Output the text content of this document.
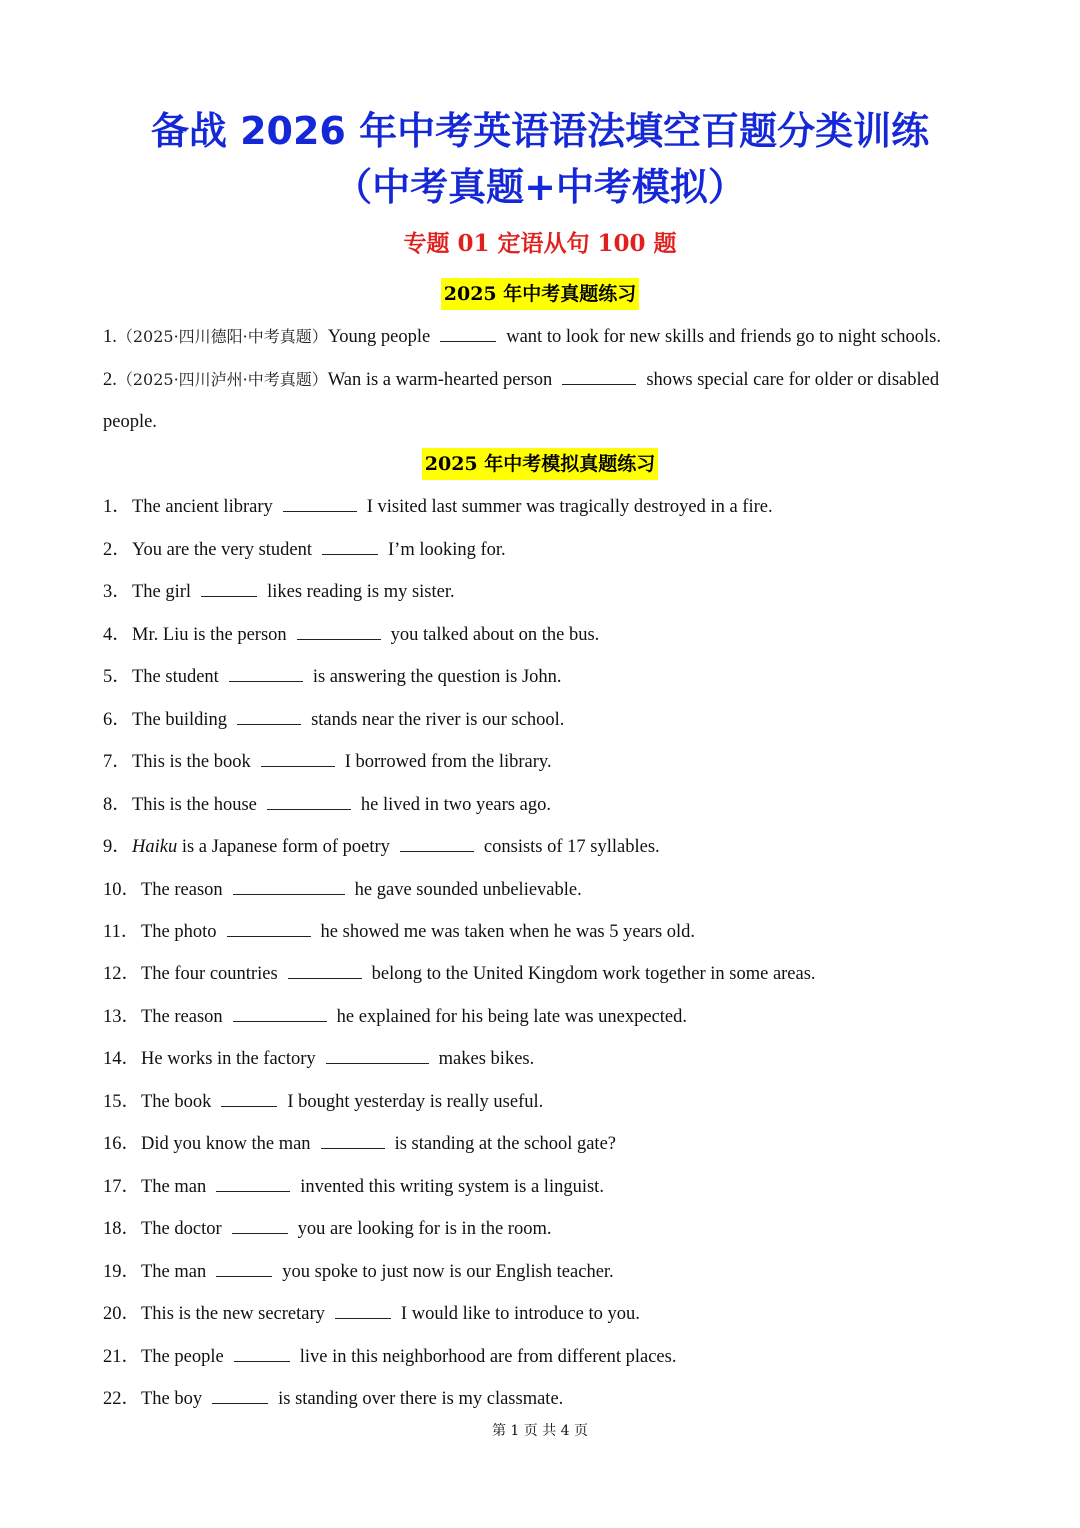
备战 2026 年中考英语语法填空百题分类训练
（中考真题+中考模拟）
专题 01 定语从句 100 题
2025 年中考真题练习
1.（2025·四川德阳·中考真题）Young people	want to look for new skills and friends go to night schools.
2.（2025·四川泸州·中考真题）Wan is a warm-hearted person	shows special care for older or disabled
people.
2025 年中考模拟真题练习
1．The ancient library	I visited last summer was tragically destroyed in a fire.
2．You are the very student	I’m looking for.
3．The girl	likes reading is my sister.
4．Mr. Liu is the person	you talked about on the bus.
5．The student	is answering the question is John.
6．The building	stands near the river is our school.
7．This is the book	I borrowed from the library.
8．This is the house	he lived in two years ago.
9．Haiku is a Japanese form of poetry	consists of 17 syllables.
10．The reason	he gave sounded unbelievable.
11．The photo	he showed me was taken when he was 5 years old.
12．The four countries	belong to the United Kingdom work together in some areas.
13．The reason	he explained for his being late was unexpected.
14．He works in the factory	makes bikes.
15．The book	I bought yesterday is really useful.
16．Did you know the man	is standing at the school gate?
17．The man	invented this writing system is a linguist.
18．The doctor	you are looking for is in the room.
19．The man	you spoke to just now is our English teacher.
20．This is the new secretary	I would like to introduce to you.
21．The people	live in this neighborhood are from different places.
22．The boy	is standing over there is my classmate.
第 1 页 共 4 页
